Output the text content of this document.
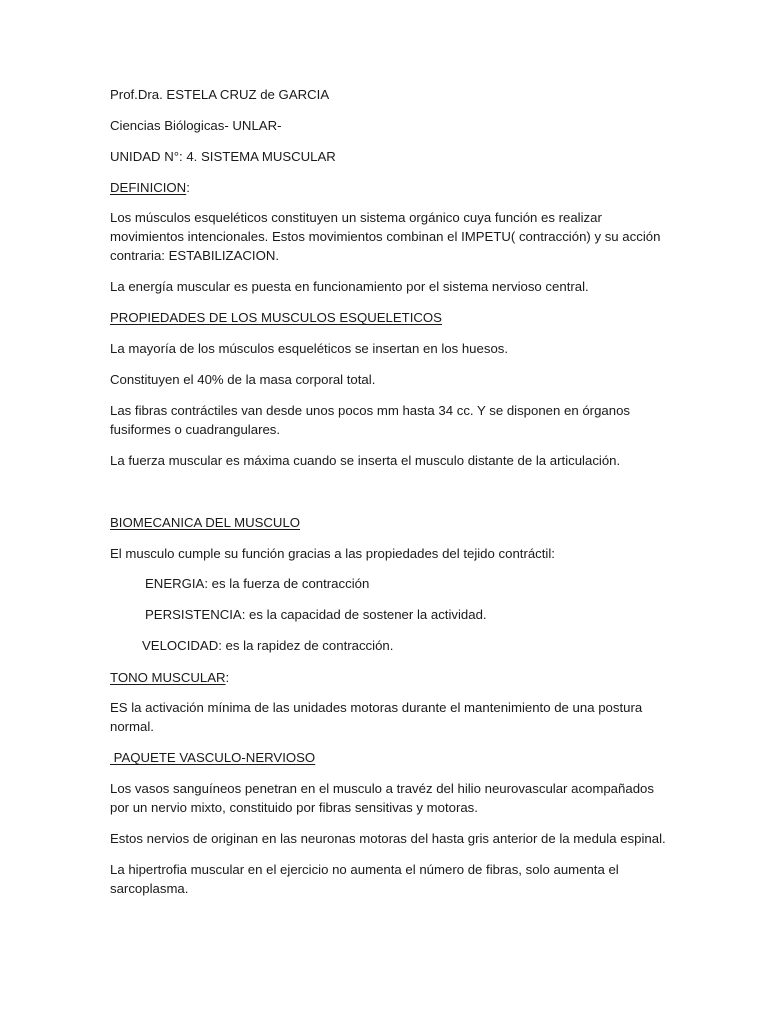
Prof.Dra. ESTELA CRUZ de GARCIA

Ciencias Biólogicas- UNLAR-

UNIDAD N°: 4. SISTEMA MUSCULAR

DEFINICION:

Los músculos esqueléticos constituyen un sistema orgánico cuya función es realizar movimientos intencionales. Estos movimientos combinan el IMPETU( contracción) y su acción contraria: ESTABILIZACION.

La energía muscular es puesta en funcionamiento por el sistema nervioso central.

PROPIEDADES DE LOS MUSCULOS ESQUELETICOS

La mayoría de los músculos esqueléticos se insertan en los huesos.

Constituyen el 40% de la masa corporal total.

Las fibras contráctiles van desde unos pocos mm hasta 34 cc. Y se disponen en órganos fusiformes o cuadrangulares.

La fuerza muscular es máxima cuando se inserta el musculo distante de la articulación.

BIOMECANICA DEL MUSCULO

El musculo cumple su función gracias a las propiedades del tejido contráctil:

ENERGIA: es la fuerza de contracción

PERSISTENCIA: es la capacidad de sostener la actividad.

VELOCIDAD: es la rapidez de contracción.

TONO MUSCULAR:

ES la activación mínima de las unidades motoras durante el mantenimiento de una postura normal.

PAQUETE VASCULO-NERVIOSO

Los vasos sanguíneos penetran en el musculo a travéz del hilio neurovascular acompañados por un nervio mixto, constituido por fibras sensitivas y motoras.

Estos nervios de originan en las neuronas motoras del hasta gris anterior de la medula espinal.

La hipertrofia muscular en el ejercicio no aumenta el número de fibras, solo aumenta el sarcoplasma.
